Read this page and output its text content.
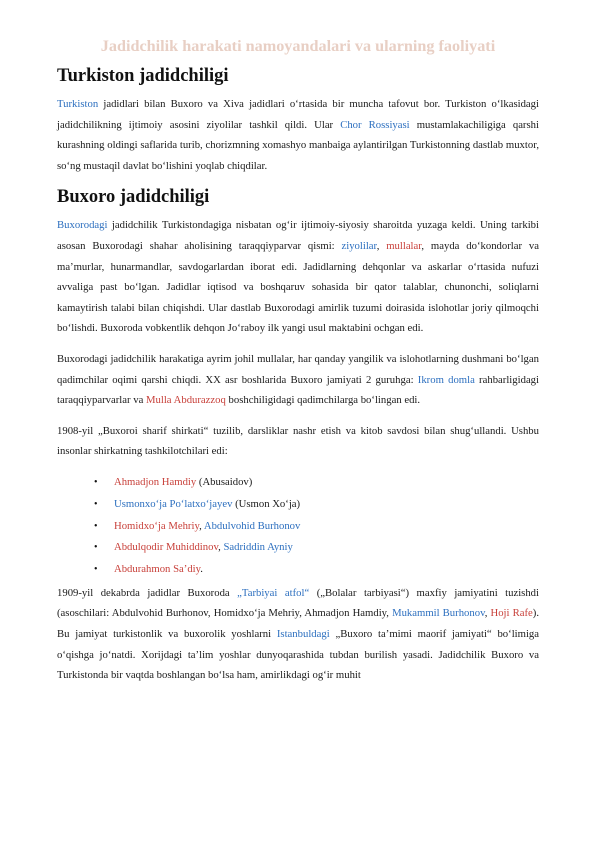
Jadidchilik harakati namoyandalari va ularning faoliyati
Turkiston jadidchiligi

Turkiston jadidlari bilan Buxoro va Xiva jadidlari o‘rtasida bir muncha tafovut bor. Turkiston o‘lkasidagi jadidchilikning ijtimoiy asosini ziyolilar tashkil qildi. Ular Chor Rossiyasi mustamlakachiligiga qarshi kurashning oldingi saflarida turib, chorizmning xomashyo manbaiga aylantirilgan Turkistonning dastlab muxtor, so‘ng mustaqil davlat bo‘lishini yoqlab chiqdilar.

Buxoro jadidchiligi

Buxorodagi jadidchilik Turkistondagiga nisbatan og‘ir ijtimoiy-siyosiy sharoitda yuzaga keldi. Uning tarkibi asosan Buxorodagi shahar aholisining taraqqiyparvar qismi: ziyolilar, mullalar, mayda do‘kondorlar va ma’murlar, hunarmandlar, savdogarlardan iborat edi. Jadidlarning dehqonlar va askarlar o‘rtasida nufuzi avvaliga past bo‘lgan. Jadidlar iqtisod va boshqaruv sohasida bir qator talablar, chunonchi, soliqlarni kamaytirish talabi bilan chiqishdi. Ular dastlab Buxorodagi amirlik tuzumi doirasida islohotlar joriy qilmoqchi bo‘lishdi. Buxoroda vobkentlik dehqon Jo‘raboy ilk yangi usul maktabini ochgan edi.

Buxorodagi jadidchilik harakatiga ayrim johil mullalar, har qanday yangilik va islohotlarning dushmani bo‘lgan qadimchilar oqimi qarshi chiqdi. XX asr boshlarida Buxoro jamiyati 2 guruhga: Ikrom domla rahbarligidagi taraqqiyparvarlar va Mulla Abdurazzoq boshchiligidagi qadimchilarga bo‘lingan edi.

1908-yil „Buxoroi sharif shirkati“ tuzilib, darsliklar nashr etish va kitob savdosi bilan shug‘ullandi. Ushbu insonlar shirkatning tashkilotchilari edi:

• Ahmadjon Hamdiy (Abusaidov)
• Usmonxo‘ja Po‘latxo‘jayev (Usmon Xo‘ja)
• Homidxo‘ja Mehriy, Abdulvohid Burhonov
• Abdulqodir Muhiddinov, Sadriddin Ayniy
• Abdurahmon Sa’diy.

1909-yil dekabrda jadidlar Buxoroda „Tarbiyai atfol“ („Bolalar tarbiyasi“) maxfiy jamiyatini tuzishdi (asoschilari: Abdulvohid Burhonov, Homidxo‘ja Mehriy, Ahmadjon Hamdiy, Mukammil Burhonov, Hoji Rafe). Bu jamiyat turkistonlik va buxorolik yoshlarni Istanbuldagi „Buxoro ta’mimi maorif jamiyati“ bo‘limiga o‘qishga jo‘natdi. Xorijdagi ta’lim yoshlar dunyoqarashida tubdan burilish yasadi. Jadidchilik Buxoro va Turkistonda bir vaqtda boshlangan bo‘lsa ham, amirlikdagi og‘ir muhit
